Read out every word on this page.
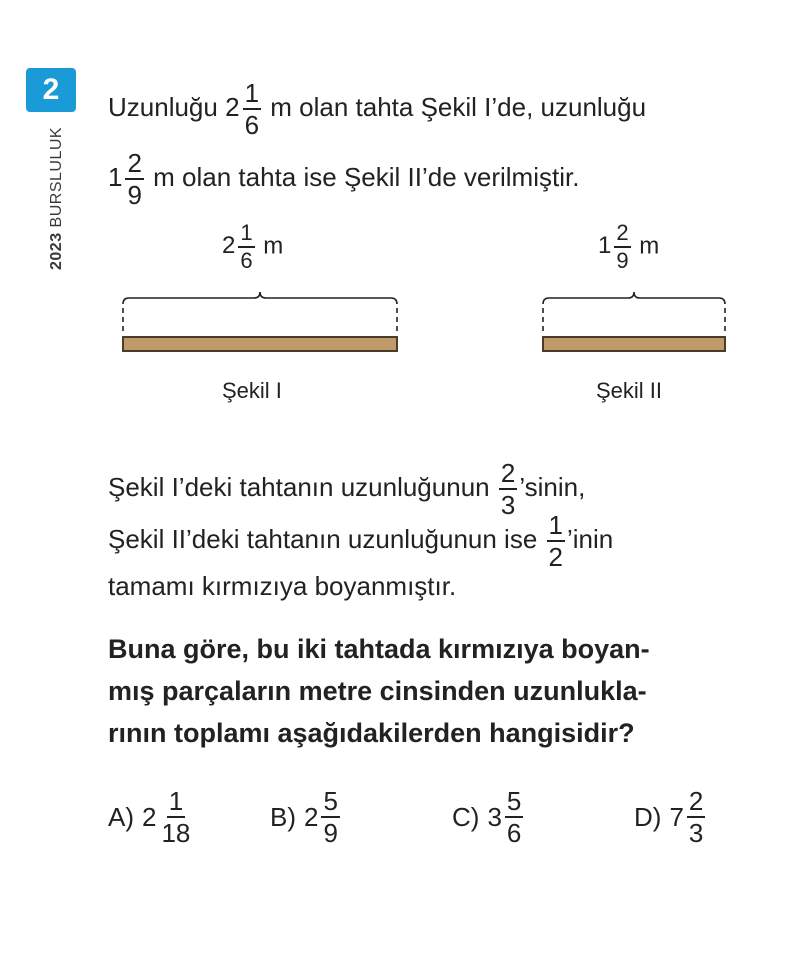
2
2023 BURSLULUK
Uzunluğu $2 \frac{1}{6}$ m olan tahta Şekil I’de, uzunluğu
$1 \frac{2}{9}$ m olan tahta ise Şekil II’de verilmiştir.
$2 \frac{1}{6}$ m
Şekil I
$1 \frac{2}{9}$ m
Şekil II
Şekil I’deki tahtanın uzunluğunun $\frac{2}{3}$ ’sinin,
Şekil II’deki tahtanın uzunluğunun ise $\frac{1}{2}$ ’inin
tamamı kırmızıya boyanmıştır.
Buna göre, bu iki tahtada kırmızıya boyan-
mış parçaların metre cinsinden uzunlukla-
rının toplamı aşağıdakilerden hangisidir?
A) $2 \frac{1}{18}$	B) $2 \frac{5}{9}$	C) $3 \frac{5}{6}$	D) $7 \frac{2}{3}$
